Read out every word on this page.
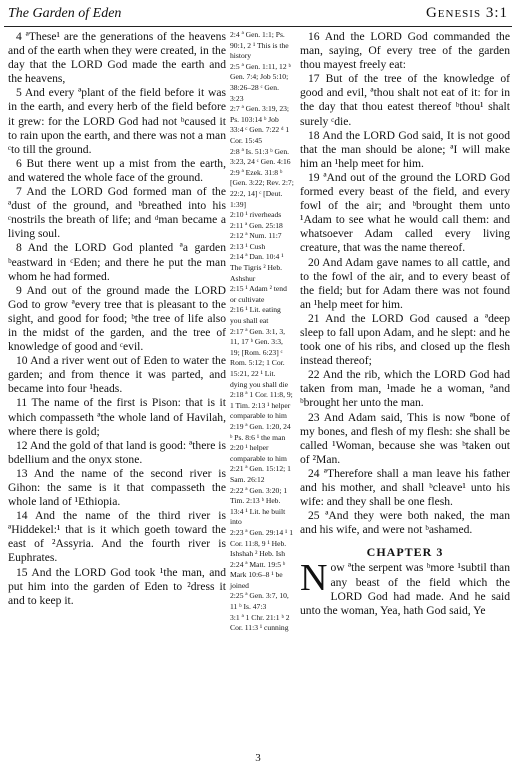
The Garden of Eden	Genesis 3:1

4 ªThese¹ are the generations of the heavens and of the earth when they were created, in the day that the LORD God made the earth and the heavens,

5 And every ªplant of the field before it was in the earth, and every herb of the field before it grew: for the LORD God had not ᵇcaused it to rain upon the earth, and there was not a man ᶜto till the ground.

6 But there went up a mist from the earth, and watered the whole face of the ground.

7 And the LORD God formed man of the ªdust of the ground, and ᵇbreathed into his ᶜnostrils the breath of life; and ᵈman became a living soul.

8 And the LORD God planted ªa garden ᵇeastward in ᶜEden; and there he put the man whom he had formed.

9 And out of the ground made the LORD God to grow ªevery tree that is pleasant to the sight, and good for food; ᵇthe tree of life also in the midst of the garden, and the tree of knowledge of good and ᶜevil.

10 And a river went out of Eden to water the garden; and from thence it was parted, and became into four ¹heads.

11 The name of the first is Pison: that is it which compasseth ªthe whole land of Havilah, where there is gold;

12 And the gold of that land is good: ªthere is bdellium and the onyx stone.

13 And the name of the second river is Gihon: the same is it that compasseth the whole land of ¹Ethiopia.

14 And the name of the third river is ªHiddekel:¹ that is it which goeth toward the east of ²Assyria. And the fourth river is Euphrates.

15 And the LORD God took ¹the man, and put him into the garden of Eden to ²dress it and to keep it.

2:4 ª Gen. 1:1; Ps. 90:1, 2 ¹ This is the history

2:5 ª Gen. 1:11, 12 ᵇ Gen. 7:4; Job 5:10; 38:26–28 ᶜ Gen. 3:23

2:7 ª Gen. 3:19, 23; Ps. 103:14 ᵇ Job 33:4 ᶜ Gen. 7:22 ᵈ 1 Cor. 15:45

2:8 ª Is. 51:3 ᵇ Gen. 3:23, 24 ᶜ Gen. 4:16

2:9 ª Ezek. 31:8 ᵇ [Gen. 3:22; Rev. 2:7; 22:2, 14] ᶜ [Deut. 1:39]

2:10 ¹ riverheads

2:11 ª Gen. 25:18

2:12 ª Num. 11:7

2:13 ¹ Cush

2:14 ª Dan. 10:4 ¹ The Tigris ² Heb. Ashshur

2:15 ¹ Adam ² tend or cultivate

2:16 ¹ Lit. eating you shall eat

2:17 ª Gen. 3:1, 3, 11, 17 ᵇ Gen. 3:3, 19; [Rom. 6:23] ᶜ Rom. 5:12; 1 Cor. 15:21, 22 ¹ Lit. dying you shall die

2:18 ª 1 Cor. 11:8, 9; 1 Tim. 2:13 ¹ helper comparable to him

2:19 ª Gen. 1:20, 24 ᵇ Ps. 8:6 ¹ the man

2:20 ¹ helper comparable to him

2:21 ª Gen. 15:12; 1 Sam. 26:12

2:22 ª Gen. 3:20; 1 Tim. 2:13 ᵇ Heb. 13:4 ¹ Lit. he built into

2:23 ª Gen. 29:14 ¹ 1 Cor. 11:8, 9 ¹ Heb. Ishshah ² Heb. Ish

2:24 ª Matt. 19:5 ᵇ Mark 10:6–8 ¹ be joined

2:25 ª Gen. 3:7, 10, 11 ᵇ Is. 47:3

3:1 ª 1 Chr. 21:1 ᵇ 2 Cor. 11:3 ¹ cunning

16 And the LORD God commanded the man, saying, Of every tree of the garden thou mayest freely eat:

17 But of the tree of the knowledge of good and evil, ªthou shalt not eat of it: for in the day that thou eatest thereof ᵇthou¹ shalt surely ᶜdie.

18 And the LORD God said, It is not good that the man should be alone; ªI will make him an ¹help meet for him.

19 ªAnd out of the ground the LORD God formed every beast of the field, and every fowl of the air; and ᵇbrought them unto ¹Adam to see what he would call them: and whatsoever Adam called every living creature, that was the name thereof.

20 And Adam gave names to all cattle, and to the fowl of the air, and to every beast of the field; but for Adam there was not found an ¹help meet for him.

21 And the LORD God caused a ªdeep sleep to fall upon Adam, and he slept: and he took one of his ribs, and closed up the flesh instead thereof;

22 And the rib, which the LORD God had taken from man, ¹made he a woman, ªand ᵇbrought her unto the man.

23 And Adam said, This is now ªbone of my bones, and flesh of my flesh: she shall be called ¹Woman, because she was ᵇtaken out of ²Man.

24 ªTherefore shall a man leave his father and his mother, and shall ᵇcleave¹ unto his wife: and they shall be one flesh.

25 ªAnd they were both naked, the man and his wife, and were not ᵇashamed.

CHAPTER 3

Now ªthe serpent was ᵇmore ¹subtil than any beast of the field which the LORD God had made. And he said unto the woman, Yea, hath God said, Ye

3
